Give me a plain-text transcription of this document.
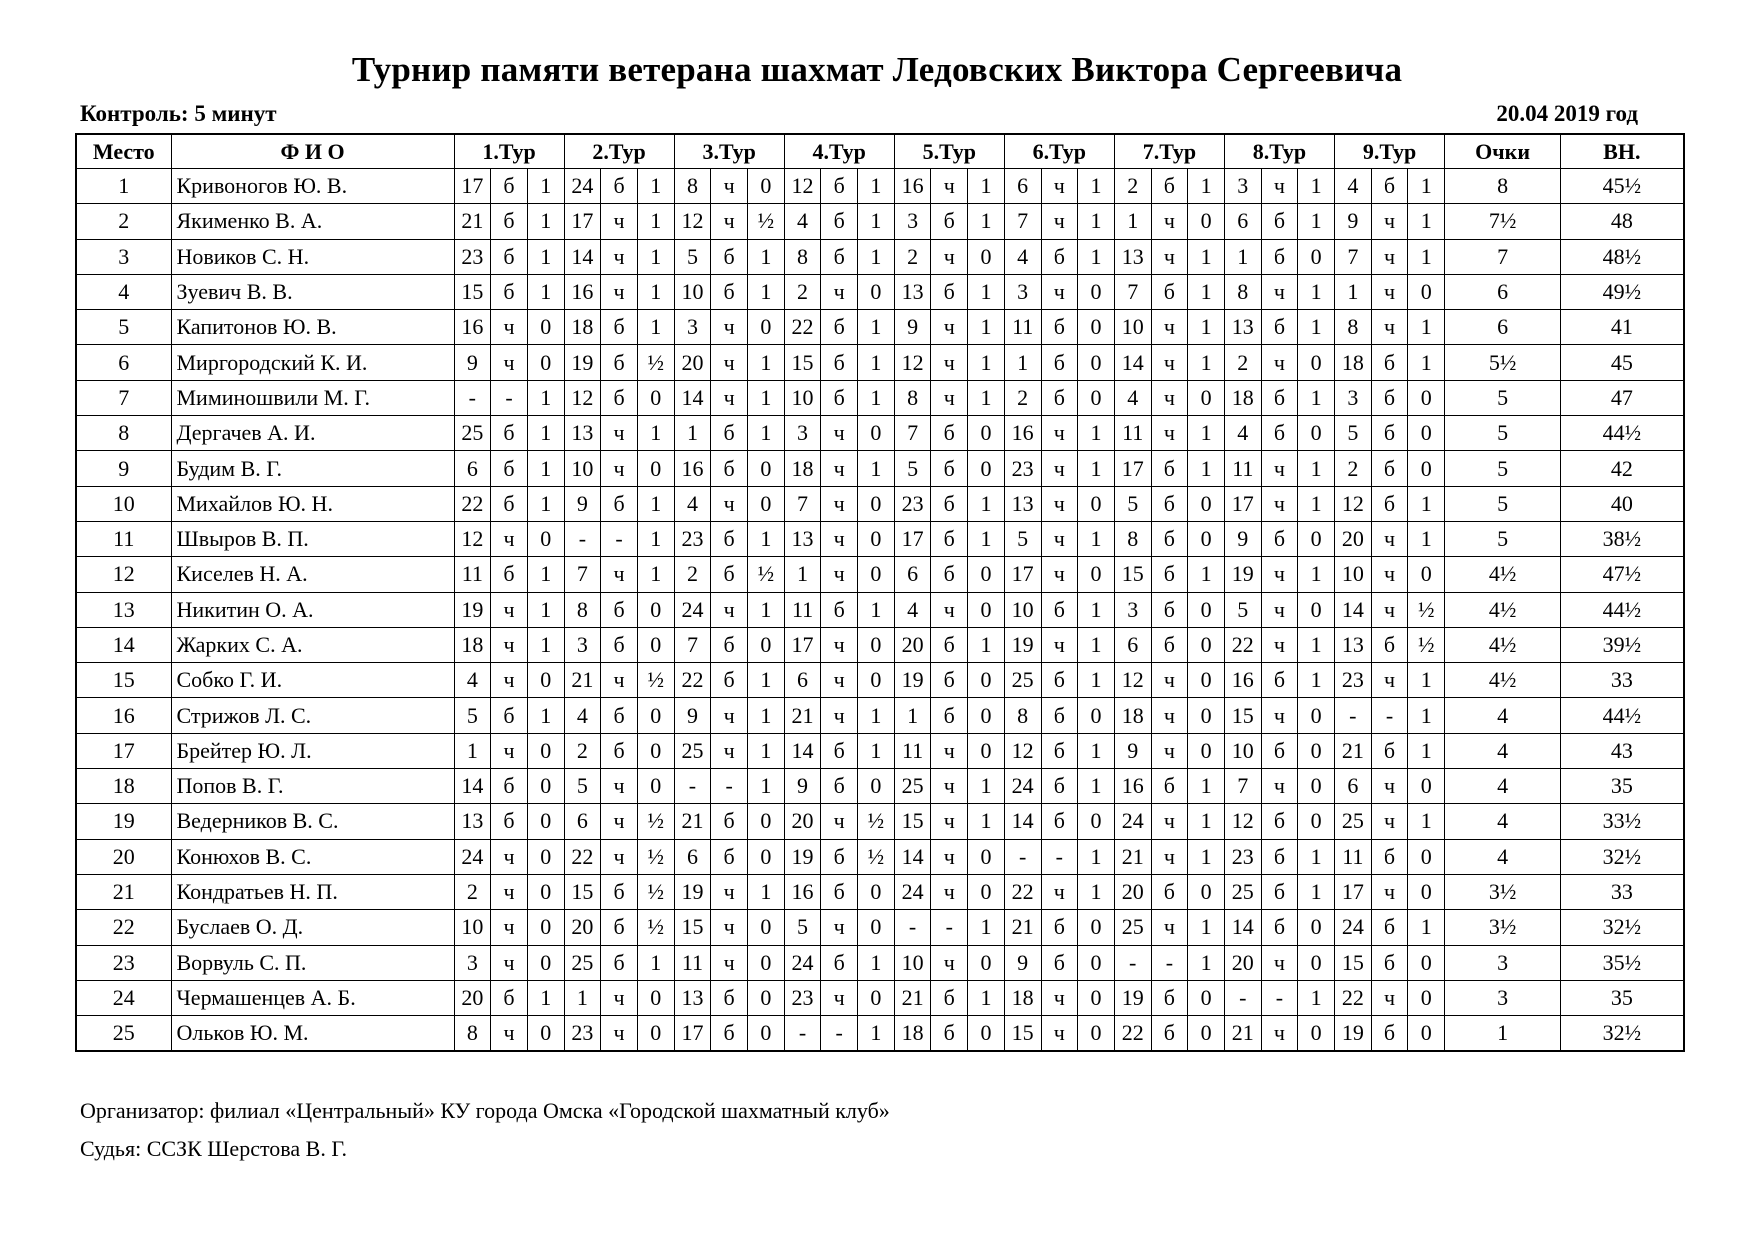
Турнир памяти ветерана шахмат Ледовских Виктора Сергеевича
Контроль: 5 минут	20.04 2019 год
Место	Ф И О	1.Тур			2.Тур			3.Тур			4.Тур			5.Тур			6.Тур			7.Тур			8.Тур			9.Тур			Очки	ВН.
1	Кривоногов Ю. В.	17	б	1	24	б	1	8	ч	0	12	б	1	16	ч	1	6	ч	1	2	б	1	3	ч	1	4	б	1	8	45½
2	Якименко В. А.	21	б	1	17	ч	1	12	ч	½	4	б	1	3	б	1	7	ч	1	1	ч	0	6	б	1	9	ч	1	7½	48
3	Новиков С. Н.	23	б	1	14	ч	1	5	б	1	8	б	1	2	ч	0	4	б	1	13	ч	1	1	б	0	7	ч	1	7	48½
4	Зуевич В. В.	15	б	1	16	ч	1	10	б	1	2	ч	0	13	б	1	3	ч	0	7	б	1	8	ч	1	1	ч	0	6	49½
5	Капитонов Ю. В.	16	ч	0	18	б	1	3	ч	0	22	б	1	9	ч	1	11	б	0	10	ч	1	13	б	1	8	ч	1	6	41
6	Миргородский К. И.	9	ч	0	19	б	½	20	ч	1	15	б	1	12	ч	1	1	б	0	14	ч	1	2	ч	0	18	б	1	5½	45
7	Миминошвили М. Г.	-	-	1	12	б	0	14	ч	1	10	б	1	8	ч	1	2	б	0	4	ч	0	18	б	1	3	б	0	5	47
8	Дергачев А. И.	25	б	1	13	ч	1	1	б	1	3	ч	0	7	б	0	16	ч	1	11	ч	1	4	б	0	5	б	0	5	44½
9	Будим В. Г.	6	б	1	10	ч	0	16	б	0	18	ч	1	5	б	0	23	ч	1	17	б	1	11	ч	1	2	б	0	5	42
10	Михайлов Ю. Н.	22	б	1	9	б	1	4	ч	0	7	ч	0	23	б	1	13	ч	0	5	б	0	17	ч	1	12	б	1	5	40
11	Швыров В. П.	12	ч	0	-	-	1	23	б	1	13	ч	0	17	б	1	5	ч	1	8	б	0	9	б	0	20	ч	1	5	38½
12	Киселев Н. А.	11	б	1	7	ч	1	2	б	½	1	ч	0	6	б	0	17	ч	0	15	б	1	19	ч	1	10	ч	0	4½	47½
13	Никитин О. А.	19	ч	1	8	б	0	24	ч	1	11	б	1	4	ч	0	10	б	1	3	б	0	5	ч	0	14	ч	½	4½	44½
14	Жарких С. А.	18	ч	1	3	б	0	7	б	0	17	ч	0	20	б	1	19	ч	1	6	б	0	22	ч	1	13	б	½	4½	39½
15	Собко Г. И.	4	ч	0	21	ч	½	22	б	1	6	ч	0	19	б	0	25	б	1	12	ч	0	16	б	1	23	ч	1	4½	33
16	Стрижов Л. С.	5	б	1	4	б	0	9	ч	1	21	ч	1	1	б	0	8	б	0	18	ч	0	15	ч	0	-	-	1	4	44½
17	Брейтер Ю. Л.	1	ч	0	2	б	0	25	ч	1	14	б	1	11	ч	0	12	б	1	9	ч	0	10	б	0	21	б	1	4	43
18	Попов В. Г.	14	б	0	5	ч	0	-	-	1	9	б	0	25	ч	1	24	б	1	16	б	1	7	ч	0	6	ч	0	4	35
19	Ведерников В. С.	13	б	0	6	ч	½	21	б	0	20	ч	½	15	ч	1	14	б	0	24	ч	1	12	б	0	25	ч	1	4	33½
20	Конюхов В. С.	24	ч	0	22	ч	½	6	б	0	19	б	½	14	ч	0	-	-	1	21	ч	1	23	б	1	11	б	0	4	32½
21	Кондратьев Н. П.	2	ч	0	15	б	½	19	ч	1	16	б	0	24	ч	0	22	ч	1	20	б	0	25	б	1	17	ч	0	3½	33
22	Буслаев О. Д.	10	ч	0	20	б	½	15	ч	0	5	ч	0	-	-	1	21	б	0	25	ч	1	14	б	0	24	б	1	3½	32½
23	Ворвуль С. П.	3	ч	0	25	б	1	11	ч	0	24	б	1	10	ч	0	9	б	0	-	-	1	20	ч	0	15	б	0	3	35½
24	Чермашенцев А. Б.	20	б	1	1	ч	0	13	б	0	23	ч	0	21	б	1	18	ч	0	19	б	0	-	-	1	22	ч	0	3	35
25	Ольков Ю. М.	8	ч	0	23	ч	0	17	б	0	-	-	1	18	б	0	15	ч	0	22	б	0	21	ч	0	19	б	0	1	32½
Организатор: филиал «Центральный» КУ города Омска «Городской шахматный клуб»
Судья: ССЗК Шерстова В. Г.
